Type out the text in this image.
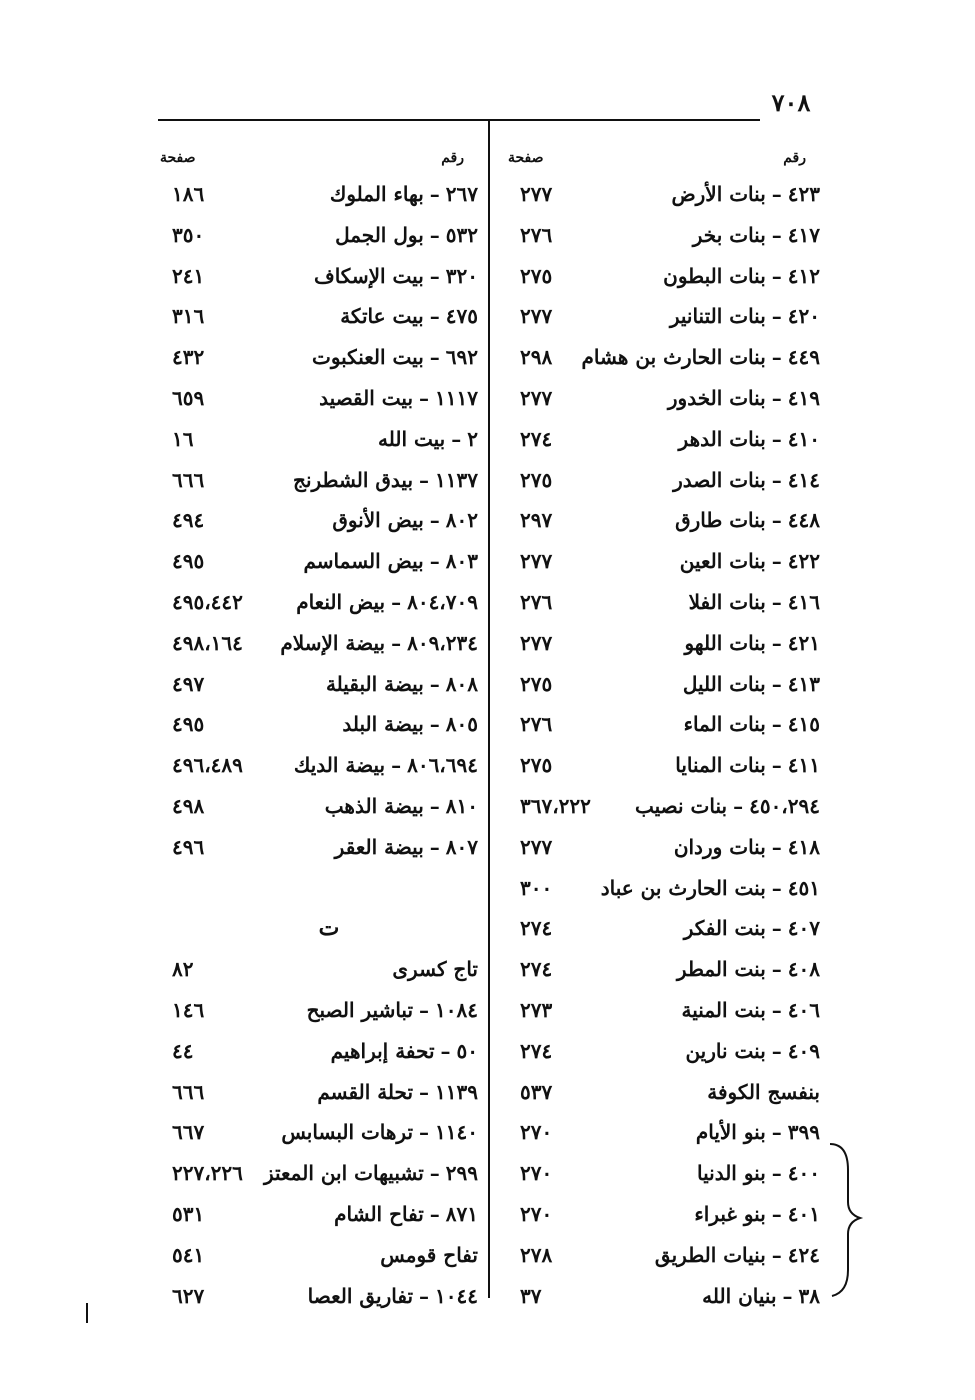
٧٠٨
رقم
صفحة
٤٢٣–بنات الأرض
٢٧٧
٤١٧–بنات بخر
٢٧٦
٤١٢–بنات البطون
٢٧٥
٤٢٠–بنات التنانير
٢٧٧
٤٤٩–بنات الحارث بن هشام
٢٩٨
٤١٩–بنات الخدور
٢٧٧
٤١٠–بنات الدهر
٢٧٤
٤١٤–بنات الصدر
٢٧٥
٤٤٨–بنات طارق
٢٩٧
٤٢٢–بنات العين
٢٧٧
٤١٦–بنات الفلا
٢٧٦
٤٢١–بنات اللهو
٢٧٧
٤١٣–بنات الليل
٢٧٥
٤١٥–بنات الماء
٢٧٦
٤١١–بنات المنايا
٢٧٥
٤٥٠،٢٩٤–بنات نصيب
٣٦٧،٢٢٢
٤١٨–بنات وردان
٢٧٧
٤٥١–بنت الحارث بن عباد
٣٠٠
٤٠٧–بنت الفكر
٢٧٤
٤٠٨–بنت المطر
٢٧٤
٤٠٦–بنت المنية
٢٧٣
٤٠٩–بنت نارين
٢٧٤
بنفسج الكوفة
٥٣٧
٣٩٩–بنو الأيام
٢٧٠
٤٠٠–بنو الدنيا
٢٧٠
٤٠١–بنو غبراء
٢٧٠
٤٢٤–بنيات الطريق
٢٧٨
٣٨–بنيان الله
٣٧
رقم
صفحة
٢٦٧–بهاء الملوك
١٨٦
٥٣٢–بول الجمل
٣٥٠
٣٢٠–بيت الإسكاف
٢٤١
٤٧٥–بيت عاتكة
٣١٦
٦٩٢–بيت العنكبوت
٤٣٢
١١١٧–بيت القصيد
٦٥٩
٢–بيت الله
١٦
١١٣٧–بيدق الشطرنج
٦٦٦
٨٠٢–بيض الأنوق
٤٩٤
٨٠٣–بيض السماسم
٤٩٥
٨٠٤،٧٠٩–بيض النعام
٤٩٥،٤٤٢
٨٠٩،٢٣٤–بيضة الإسلام
٤٩٨،١٦٤
٨٠٨–بيضة البقيلة
٤٩٧
٨٠٥–بيضة البلد
٤٩٥
٨٠٦،٦٩٤–بيضة الديك
٤٩٦،٤٨٩
٨١٠–بيضة الذهب
٤٩٨
٨٠٧–بيضة العقر
٤٩٦
ت
تاج كسرى
٨٢
١٠٨٤–تباشير الصبح
١٤٦
٥٠–تحفة إبراهيم
٤٤
١١٣٩–تحلة القسم
٦٦٦
١١٤٠–ترهات البسابس
٦٦٧
٢٩٩–تشبيهات ابن المعتز
٢٢٧،٢٢٦
٨٧١–تفاح الشام
٥٣١
تفاح قومس
٥٤١
١٠٤٤–تفاريق العصا
٦٢٧
